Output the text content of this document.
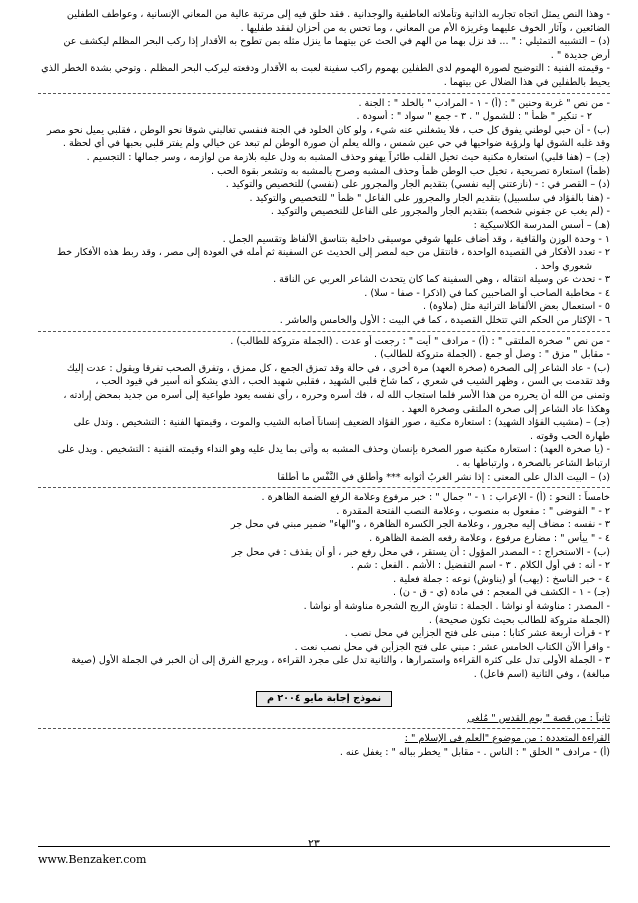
- وهذا النص يمثل اتجاه تجاربه الذاتية وتأملاته العاطفية والوجدانية . فقد حلق فيه إلى مرتبة عالية من المعاني الإنسانية ، وعواطف الطفلين
الضائعين ، وآثار الخوف عليهما وغريزة الأم من المعاني ، وما تحس به من أحزان لفقد طفليها .
(د) – التشبيه التمثيلي : " ... قد نزل بهما من الهم في الحث عن بيتهما ما ينزل مثله بمن تطوح به الأقدار إذا ركب البحر المظلم ليكشف عن
أرض جديدة " .
- وقيمته الفنية : التوضيح لصورة الهموم لدى الطفلين بهموم راكب سفينة لعبت به الأقدار ودفعته ليركب البحر المظلم . وتوحي بشدة الخطر الذي
يحيط بالطفلين في هذا الضلال عن بيتهما .
- من نص " غربة وحنين " : (أ) - ١ - المرادب " بالخلد " : الجنة .
٢ - تنكير " ظمأ " : للشمول " . ٣ - جمع " سواد " : أسودة .
(ب) - أن حبي لوطني يفوق كل حب ، فلا يشغلني عنه شيء ، ولو كان الخلود في الجنة فنفسي تغالبني شوقا نحو الوطن ، فقلبي يميل نحو مصر
وقد غلبه الشوق لها ولرؤية ضواحيها في حي عين شمس ، والله يعلم أن صورة الوطن لم تبعد عن خيالي ولم يفتر قلبي بحبها في أي لحظة .
(جـ) – (هفا قلبي) استعارة مكنية حيث تخيل القلب طائراً يهفو وحذف المشبه به ودل عليه بلازمة من لوازمه ، وسر جمالها : التجسيم .
(ظمأ) استعارة تصريحية ، تخيل حب الوطن ظمأ وحذف المشبه وصرح بالمشبه به وتشعر بقوة الحب .
(د) – القصر في : - (نازعتني إليه نفسي) بتقديم الجار والمجرور على (نفسي) للتخصيص والتوكيد .
- (هفا بالفؤاد في سلسبيل) بتقديم الجار والمجرور على الفاعل " ظمأ " للتخصيص والتوكيد .
- (لم يغب عن جفوني شخصه) بتقديم الجار والمجرور على الفاعل للتخصيص والتوكيد .
(هـ) – أسس المدرسة الكلاسيكية :
١ - وحدة الوزن والقافية ، وقد أضاف عليها شوقي موسيقى داخلية بتناسق الألفاظ وتقسيم الجمل .
٢ - تعدد الأفكار في القصيدة الواحدة ، فانتقل من حبه لمصر إلى الحديث عن السفينة ثم أمله في العودة إلى مصر ، وقد ربط هذه الأفكار خط
شعوري واحد .
٣ - تحدث عن وسيلة انتقاله ، وهي السفينة كما كان يتحدث الشاعر العربي عن الناقة .
٤ - مخاطبة الصاحب أو الصاحبين كما في (اذكرا - صفا - سلا) .
٥ - استعمال بعض الألفاظ التراثية مثل (ملاوة) .
٦ - الإكثار من الحكم التي تتخلل القصيدة ، كما في البيت : الأول والخامس والعاشر .
- من نص " صخرة الملتقى " : (أ) - مرادف " أيت " : رجعت أو عدت . (الجملة متروكة للطالب) .
- مقابل " مزق " : وصل أو جمع . (الجملة متروكة للطالب) .
(ب) - عاد الشاعر إلى الصخرة (صخرة العهد) مرة أخرى ، في حالة وقد تمزق الجمع ، كل ممزق ، وتفرق الصحب تفرقا ويقول : عدت إليك
وقد تقدمت بي السن ، وظهر الشيب في شعري ، كما شاخ قلبي الشهيد ، فقلبي شهيد الحب ، الذي يشكو أنه أسير في قيود الحب ،
وتمنى من الله أن يحرره من هذا الأسر فلما استجاب الله له ، فك أسره وحرره ، رأى نفسه يعود طواعية إلى أسره من جديد بمحض إرادته ،
وهكذا عاد الشاعر إلى صخرة الملتقى وصخرة العهد .
(جـ) – (مشيب الفؤاد الشهيد) : استعارة مكنية ، صور الفؤاد الضعيف إنساناً أصابه الشيب والموت ، وقيمتها الفنية : التشخيص . وتدل على
طهارة الحب وقوته .
- (يا صخرة العهد) : استعارة مكنية صور الصخرة بإنسان وحذف المشبه به وأتى بما يدل عليه وهو النداء وقيمته الفنية : التشخيص . ويدل على
ارتباط الشاعر بالصخرة ، وارتباطها به .
(د) – البيت الدال على المعنى : إذا نشر الغربُ أثوابه *** وأطلق في النَّفْس ما أطلقا
خامساً : النحو : (أ) - الإعراب : ١ - " جمال " : خبر مرفوع وعلامة الرفع الضمة الظاهرة .
٢ - " الفوضى " : مفعول به منصوب ، وعلامة النصب الفتحة المقدرة .
٣ - نفسه : مضاف إليه مجرور ، وعلامة الجر الكسرة الظاهرة ، و"الهاء" ضمير مبني في محل جر
٤ - " ييأس " : مضارع مرفوع ، وعلامة رفعه الضمة الظاهرة .
(ب) - الاستخراج : - المصدر المؤول : أن يستقر ، في محل رفع خبر ، أو أن يقذف : في محل جر
٢ - أنه : في أول الكلام . ٣ - اسم التفضيل : الأشم . الفعل : شم .
٤ - خبر الناسخ : (يهب) أو (يناوش) نوعه : جملة فعلية .
(جـ) - ١ - الكشف في المعجم : في مادة (ي - ق - ن) .
- المصدر : مناوشة أو نواشا . الجملة : تناوش الريح الشجرة مناوشة أو نواشا .
(الجملة متروكة للطالب بحيث تكون صحيحة) .
٢ - قرأت أربعة عشر كتابا : مبنى على فتح الجزأين في محل نصب .
- واقرأ الآن الكتاب الخامس عشر : مبني على فتح الجزأين في محل نصب نعت .
٣ - الجملة الأولى تدل على كثرة القراءة واستمرارها ، والثانية تدل على مجرد القراءة ، ويرجع الفرق إلى أن الخبر في الجملة الأول (صيغة
مبالغة) ، وفي الثانية (اسم فاعل) .
نموذج إجابة مايو ٢٠٠٤ م
ثانياً : من قصة " يوم القدس " مُلغى
القراءة المتعددة : من موضوع "العلم في الإسلام " :
(أ) - مرادف " الخلق " : الناس . - مقابل " يخطر بباله " : يغفل عنه .
www.Benzaker.com
٢٣
